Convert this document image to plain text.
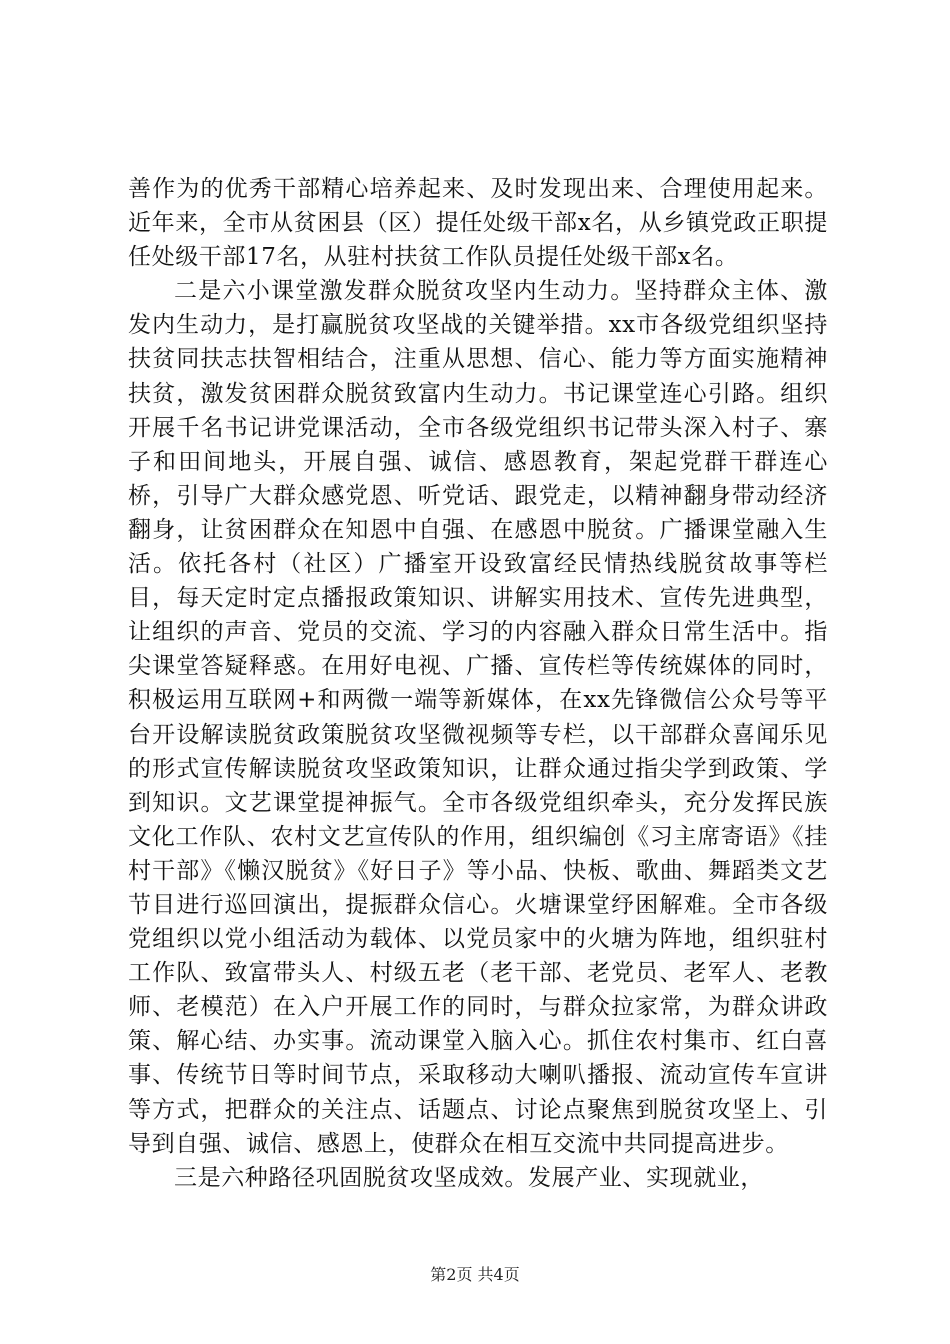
善作为的优秀干部精心培养起来、及时发现出来、合理使用起来。近年来，全市从贫困县（区）提任处级干部x名，从乡镇党政正职提任处级干部17名，从驻村扶贫工作队员提任处级干部x名。

二是六小课堂激发群众脱贫攻坚内生动力。坚持群众主体、激发内生动力，是打赢脱贫攻坚战的关键举措。xx市各级党组织坚持扶贫同扶志扶智相结合，注重从思想、信心、能力等方面实施精神扶贫，激发贫困群众脱贫致富内生动力。书记课堂连心引路。组织开展千名书记讲党课活动，全市各级党组织书记带头深入村子、寨子和田间地头，开展自强、诚信、感恩教育，架起党群干群连心桥，引导广大群众感党恩、听党话、跟党走，以精神翻身带动经济翻身，让贫困群众在知恩中自强、在感恩中脱贫。广播课堂融入生活。依托各村（社区）广播室开设致富经民情热线脱贫故事等栏目，每天定时定点播报政策知识、讲解实用技术、宣传先进典型，让组织的声音、党员的交流、学习的内容融入群众日常生活中。指尖课堂答疑释惑。在用好电视、广播、宣传栏等传统媒体的同时，积极运用互联网+和两微一端等新媒体，在xx先锋微信公众号等平台开设解读脱贫政策脱贫攻坚微视频等专栏，以干部群众喜闻乐见的形式宣传解读脱贫攻坚政策知识，让群众通过指尖学到政策、学到知识。文艺课堂提神振气。全市各级党组织牵头，充分发挥民族文化工作队、农村文艺宣传队的作用，组织编创《习主席寄语》《挂村干部》《懒汉脱贫》《好日子》等小品、快板、歌曲、舞蹈类文艺节目进行巡回演出，提振群众信心。火塘课堂纾困解难。全市各级党组织以党小组活动为载体、以党员家中的火塘为阵地，组织驻村工作队、致富带头人、村级五老（老干部、老党员、老军人、老教师、老模范）在入户开展工作的同时，与群众拉家常，为群众讲政策、解心结、办实事。流动课堂入脑入心。抓住农村集市、红白喜事、传统节日等时间节点，采取移动大喇叭播报、流动宣传车宣讲等方式，把群众的关注点、话题点、讨论点聚焦到脱贫攻坚上、引导到自强、诚信、感恩上，使群众在相互交流中共同提高进步。

三是六种路径巩固脱贫攻坚成效。发展产业、实现就业，

第2页 共4页
